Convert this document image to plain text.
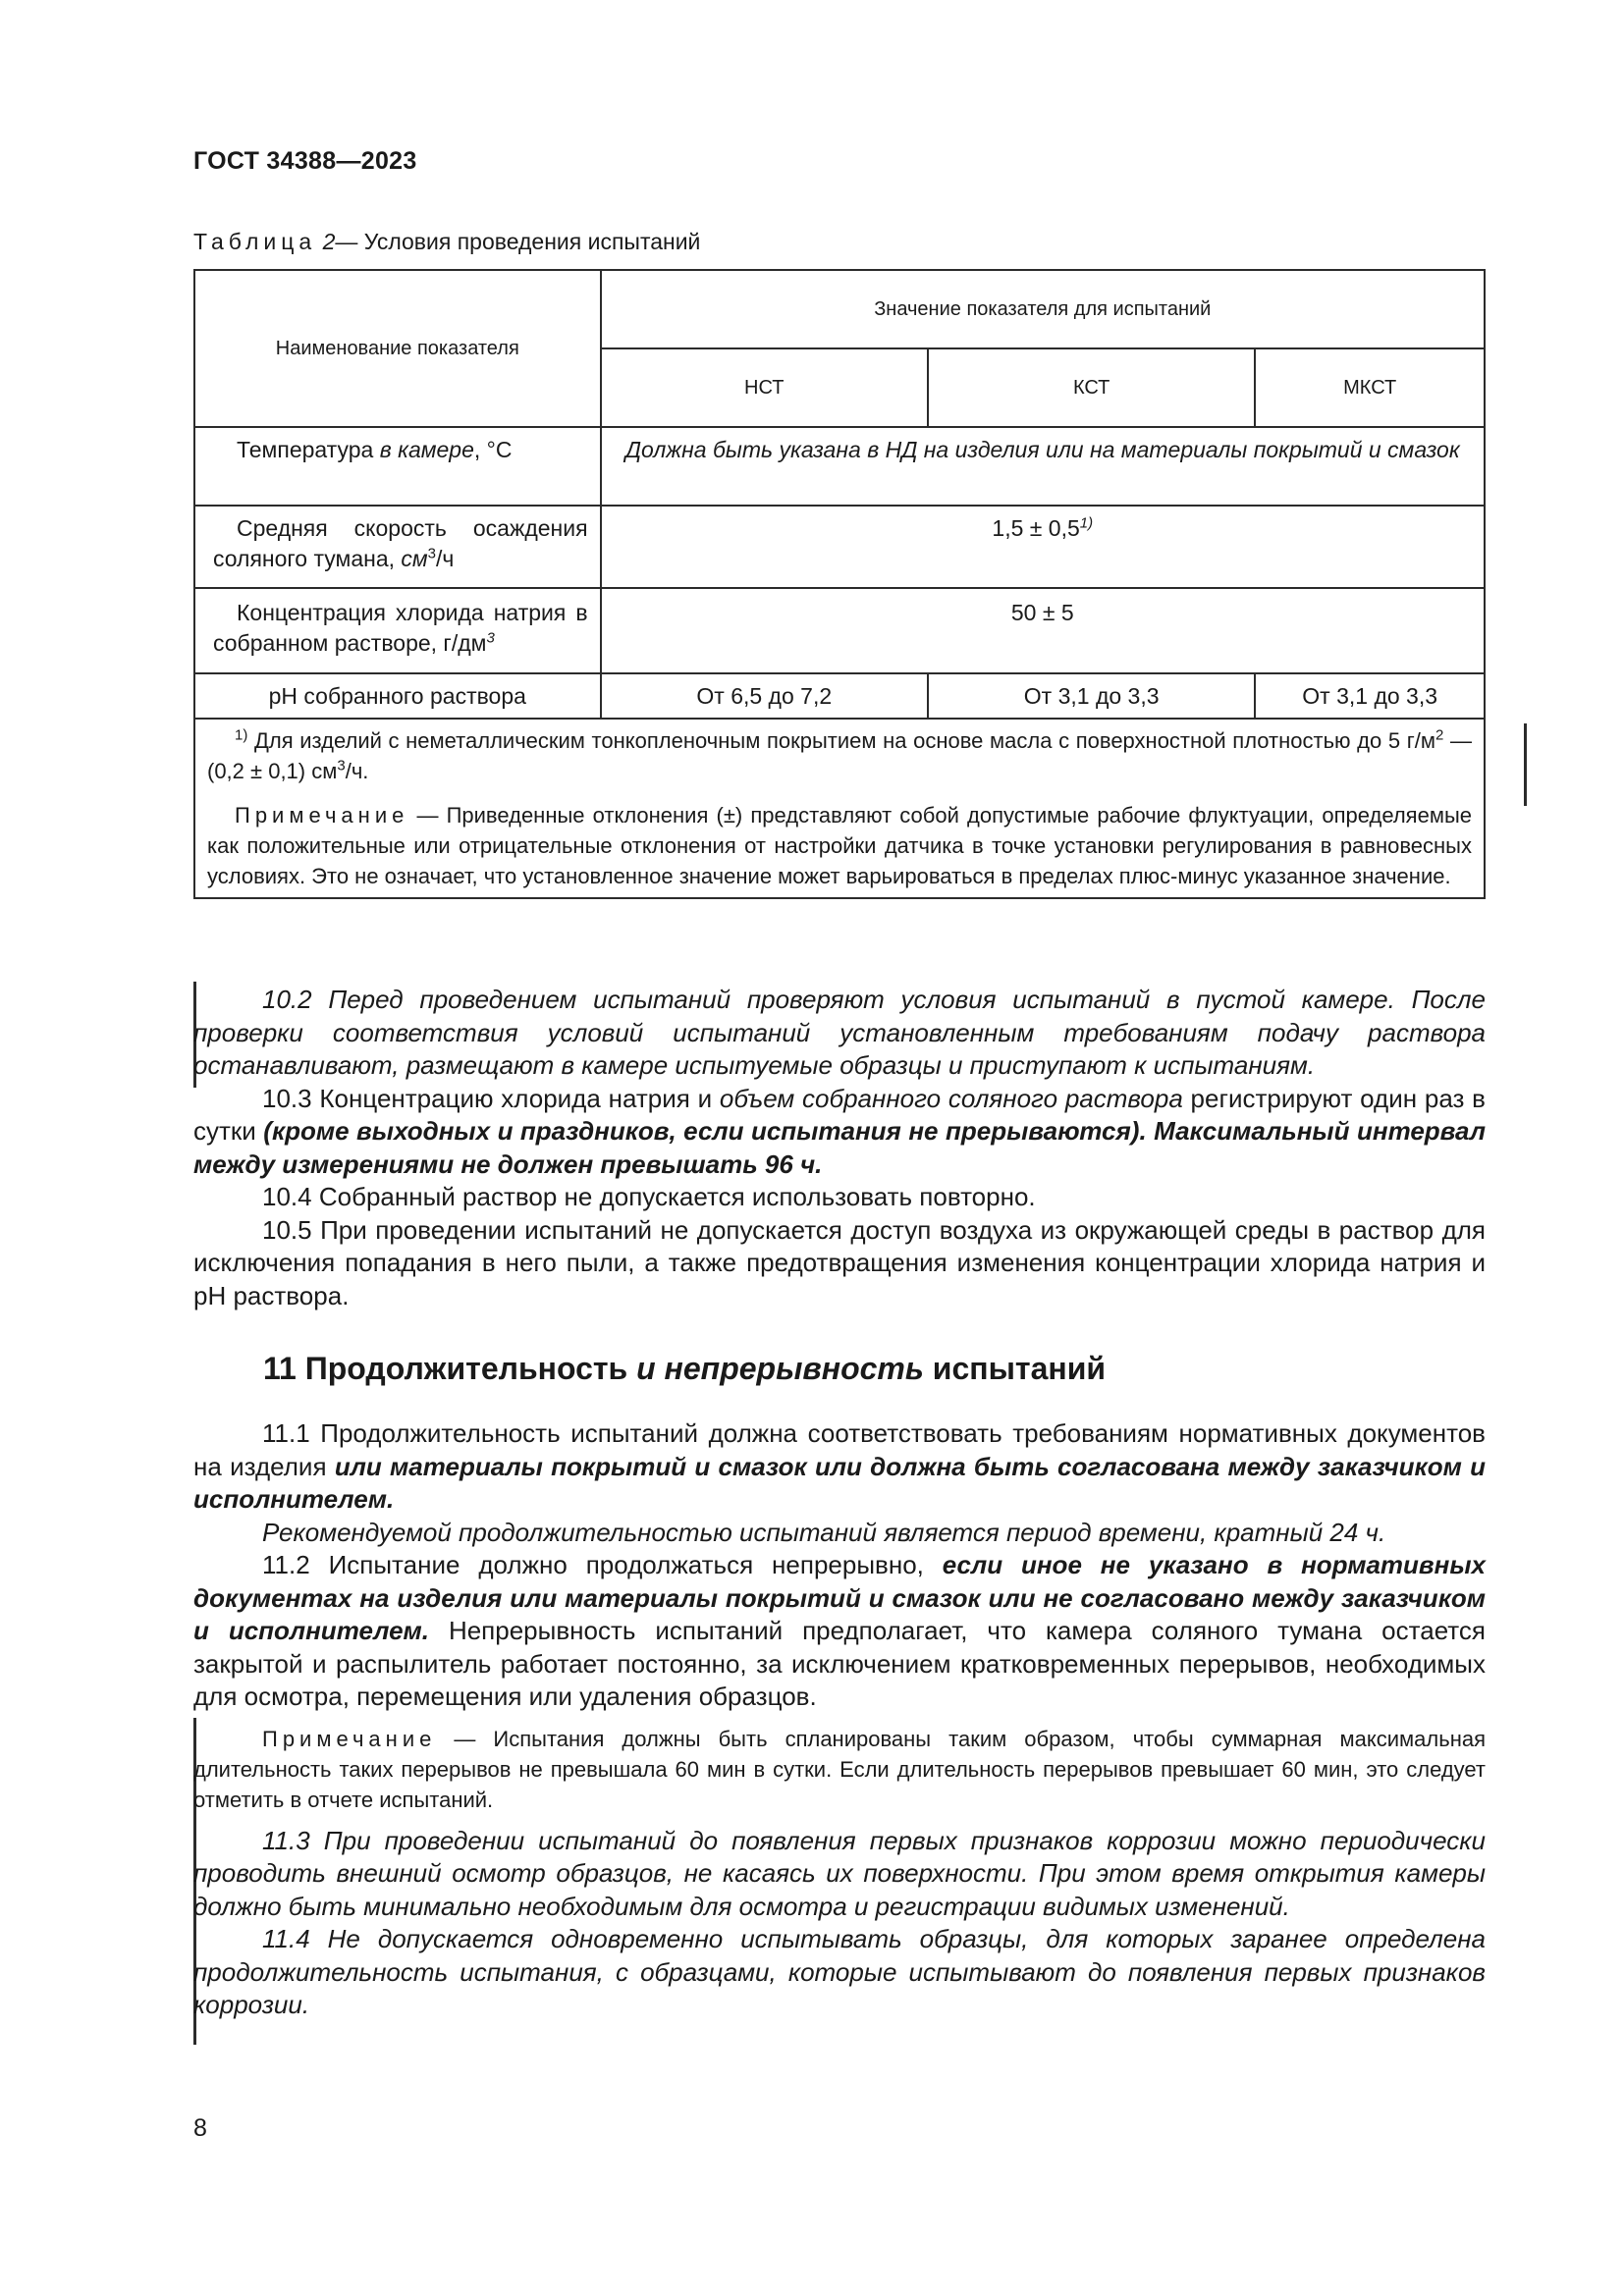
ГОСТ 34388—2023
Таблица 2— Условия проведения испытаний
Наименование показателя	Значение показателя для испытаний		
	НСТ	КСТ	МКСТ

Температура в камере, °С	Должна быть указана в НД на изделия или на материалы покрытий и смазок		

Средняя скорость осаждения соляного тумана, $см^3/ч$	$1,5 \pm 0,5^{1)}$

Концентрация хлорида натрия в собранном растворе, $г/дм^3$	50 ± 5		

pH собранного раствора	От 6,5 до 7,2	От 3,1 до 3,3	От 3,1 до 3,3

$^{1)}$ Для изделий с неметаллическим тонкопленочным покрытием на основе масла с поверхностной плотностью до 5 $г/м^2$ — (0,2 ± 0,1) $см^3/ч$.

Примечание — Приведенные отклонения (±) представляют собой допустимые рабочие флуктуации, определяемые как положительные или отрицательные отклонения от настройки датчика в точке установки регулирования в равновесных условиях. Это не означает, что установленное значение может варьироваться в пределах плюс-минус указанное значение.			

10.2 Перед проведением испытаний проверяют условия испытаний в пустой камере. После проверки соответствия условий испытаний установленным требованиям подачу раствора останавливают, размещают в камере испытуемые образцы и приступают к испытаниям.

10.3 Концентрацию хлорида натрия и объем собранного соляного раствора регистрируют один раз в сутки (кроме выходных и праздников, если испытания не прерываются). Максимальный интервал между измерениями не должен превышать 96 ч.

10.4 Собранный раствор не допускается использовать повторно.

10.5 При проведении испытаний не допускается доступ воздуха из окружающей среды в раствор для исключения попадания в него пыли, а также предотвращения изменения концентрации хлорида натрия и pH раствора.

11 Продолжительность и непрерывность испытаний

11.1 Продолжительность испытаний должна соответствовать требованиям нормативных документов на изделия или материалы покрытий и смазок или должна быть согласована между заказчиком и исполнителем.

Рекомендуемой продолжительностью испытаний является период времени, кратный 24 ч.

11.2 Испытание должно продолжаться непрерывно, если иное не указано в нормативных документах на изделия или материалы покрытий и смазок или не согласовано между заказчиком и исполнителем. Непрерывность испытаний предполагает, что камера соляного тумана остается закрытой и распылитель работает постоянно, за исключением кратковременных перерывов, необходимых для осмотра, перемещения или удаления образцов.

Примечание — Испытания должны быть спланированы таким образом, чтобы суммарная максимальная длительность таких перерывов не превышала 60 мин в сутки. Если длительность перерывов превышает 60 мин, это следует отметить в отчете испытаний.

11.3 При проведении испытаний до появления первых признаков коррозии можно периодически проводить внешний осмотр образцов, не касаясь их поверхности. При этом время открытия камеры должно быть минимально необходимым для осмотра и регистрации видимых изменений.

11.4 Не допускается одновременно испытывать образцы, для которых заранее определена продолжительность испытания, с образцами, которые испытывают до появления первых признаков коррозии.

8
